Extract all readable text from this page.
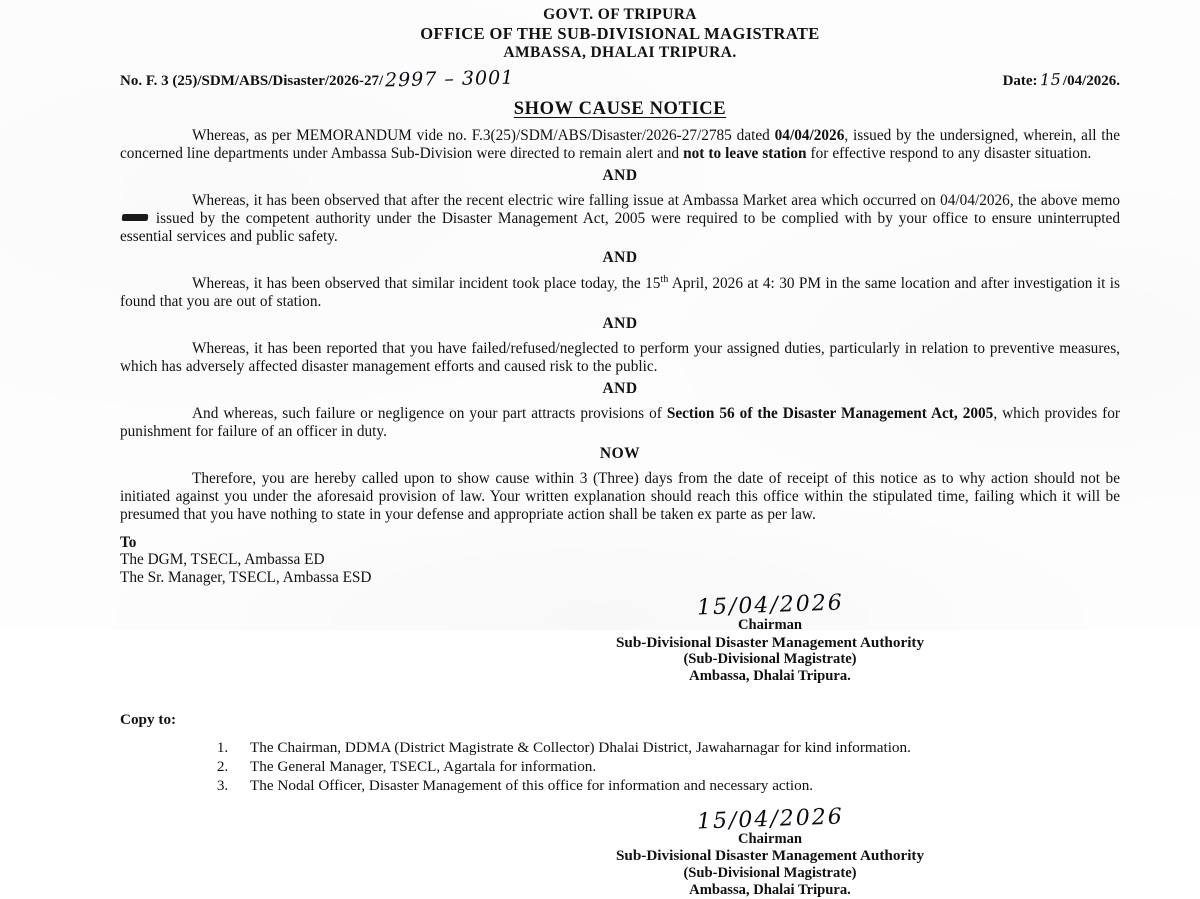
GOVT. OF TRIPURA
OFFICE OF THE SUB-DIVISIONAL MAGISTRATE
AMBASSA, DHALAI TRIPURA.
No. F. 3 (25)/SDM/ABS/Disaster/2026-27/2997 – 3001	Date: 15 /04/2026.
SHOW CAUSE NOTICE
Whereas, as per MEMORANDUM vide no. F.3(25)/SDM/ABS/Disaster/2026-27/2785 dated 04/04/2026, issued by the undersigned, wherein, all the concerned line departments under Ambassa Sub-Division were directed to remain alert and not to leave station for effective respond to any disaster situation.
AND
Whereas, it has been observed that after the recent electric wire falling issue at Ambassa Market area which occurred on 04/04/2026, the above memo  issued by the competent authority under the Disaster Management Act, 2005 were required to be complied with by your office to ensure uninterrupted essential services and public safety.
AND
Whereas, it has been observed that similar incident took place today, the 15th April, 2026 at 4: 30 PM in the same location and after investigation it is found that you are out of station.
AND
Whereas, it has been reported that you have failed/refused/neglected to perform your assigned duties, particularly in relation to preventive measures, which has adversely affected disaster management efforts and caused risk to the public.
AND
And whereas, such failure or negligence on your part attracts provisions of Section 56 of the Disaster Management Act, 2005, which provides for punishment for failure of an officer in duty.
NOW
Therefore, you are hereby called upon to show cause within 3 (Three) days from the date of receipt of this notice as to why action should not be initiated against you under the aforesaid provision of law. Your written explanation should reach this office within the stipulated time, failing which it will be presumed that you have nothing to state in your defense and appropriate action shall be taken ex parte as per law.
To
The DGM, TSECL, Ambassa ED
The Sr. Manager, TSECL, Ambassa ESD
15/04/2026
Chairman
Sub-Divisional Disaster Management Authority
(Sub-Divisional Magistrate)
Ambassa, Dhalai Tripura.
Copy to:
1. The Chairman, DDMA (District Magistrate & Collector) Dhalai District, Jawaharnagar for kind information.
2. The General Manager, TSECL, Agartala for information.
3. The Nodal Officer, Disaster Management of this office for information and necessary action.
15/04/2026
Chairman
Sub-Divisional Disaster Management Authority
(Sub-Divisional Magistrate)
Ambassa, Dhalai Tripura.
